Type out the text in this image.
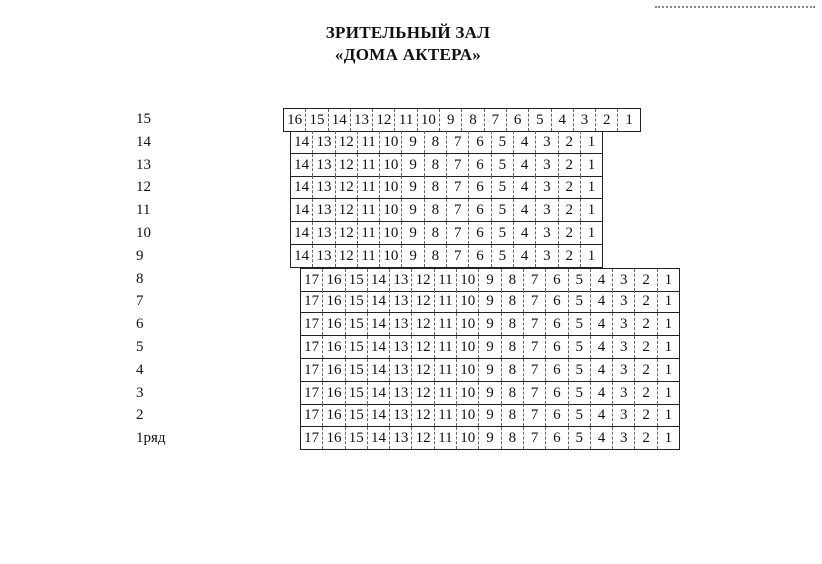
ЗРИТЕЛЬНЫЙ ЗАЛ
«ДОМА АКТЕРА»
15	16 15 14 13 12 11 10 9 8 7 6 5 4 3 2 1
14	14 13 12 11 10 9 8 7 6 5 4 3 2 1
13	14 13 12 11 10 9 8 7 6 5 4 3 2 1
12	14 13 12 11 10 9 8 7 6 5 4 3 2 1
11	14 13 12 11 10 9 8 7 6 5 4 3 2 1
10	14 13 12 11 10 9 8 7 6 5 4 3 2 1
9	14 13 12 11 10 9 8 7 6 5 4 3 2 1
8	17 16 15 14 13 12 11 10 9 8 7 6 5 4 3 2 1
7	17 16 15 14 13 12 11 10 9 8 7 6 5 4 3 2 1
6	17 16 15 14 13 12 11 10 9 8 7 6 5 4 3 2 1
5	17 16 15 14 13 12 11 10 9 8 7 6 5 4 3 2 1
4	17 16 15 14 13 12 11 10 9 8 7 6 5 4 3 2 1
3	17 16 15 14 13 12 11 10 9 8 7 6 5 4 3 2 1
2	17 16 15 14 13 12 11 10 9 8 7 6 5 4 3 2 1
1ряд	17 16 15 14 13 12 11 10 9 8 7 6 5 4 3 2 1
